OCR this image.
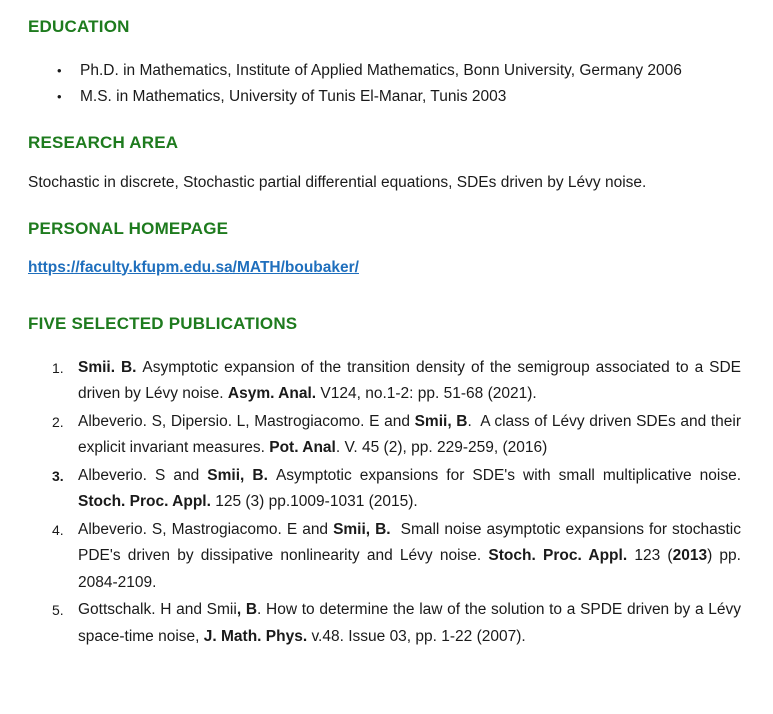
EDUCATION
•	Ph.D. in Mathematics, Institute of Applied Mathematics, Bonn University, Germany 2006
•	M.S. in Mathematics, University of Tunis El-Manar, Tunis 2003
RESEARCH AREA

Stochastic in discrete, Stochastic partial differential equations, SDEs driven by Lévy noise.

PERSONAL HOMEPAGE
https://faculty.kfupm.edu.sa/MATH/boubaker/
FIVE SELECTED PUBLICATIONS
1. Smii. B. Asymptotic expansion of the transition density of the semigroup associated to a SDE driven by Lévy noise. Asym. Anal. V124, no.1-2: pp. 51-68 (2021).
2. Albeverio. S, Dipersio. L, Mastrogiacomo. E and Smii, B.  A class of Lévy driven SDEs and their explicit invariant measures. Pot. Anal. V. 45 (2), pp. 229-259, (2016)
3. Albeverio. S and Smii, B. Asymptotic expansions for SDE's with small multiplicative noise. Stoch. Proc. Appl. 125 (3) pp.1009-1031 (2015).
4. Albeverio. S, Mastrogiacomo. E and Smii, B.  Small noise asymptotic expansions for stochastic PDE's driven by dissipative nonlinearity and Lévy noise. Stoch. Proc. Appl. 123 (2013) pp. 2084-2109.
5. Gottschalk. H and Smii, B. How to determine the law of the solution to a SPDE driven by a Lévy space-time noise, J. Math. Phys. v.48. Issue 03, pp. 1-22 (2007).
